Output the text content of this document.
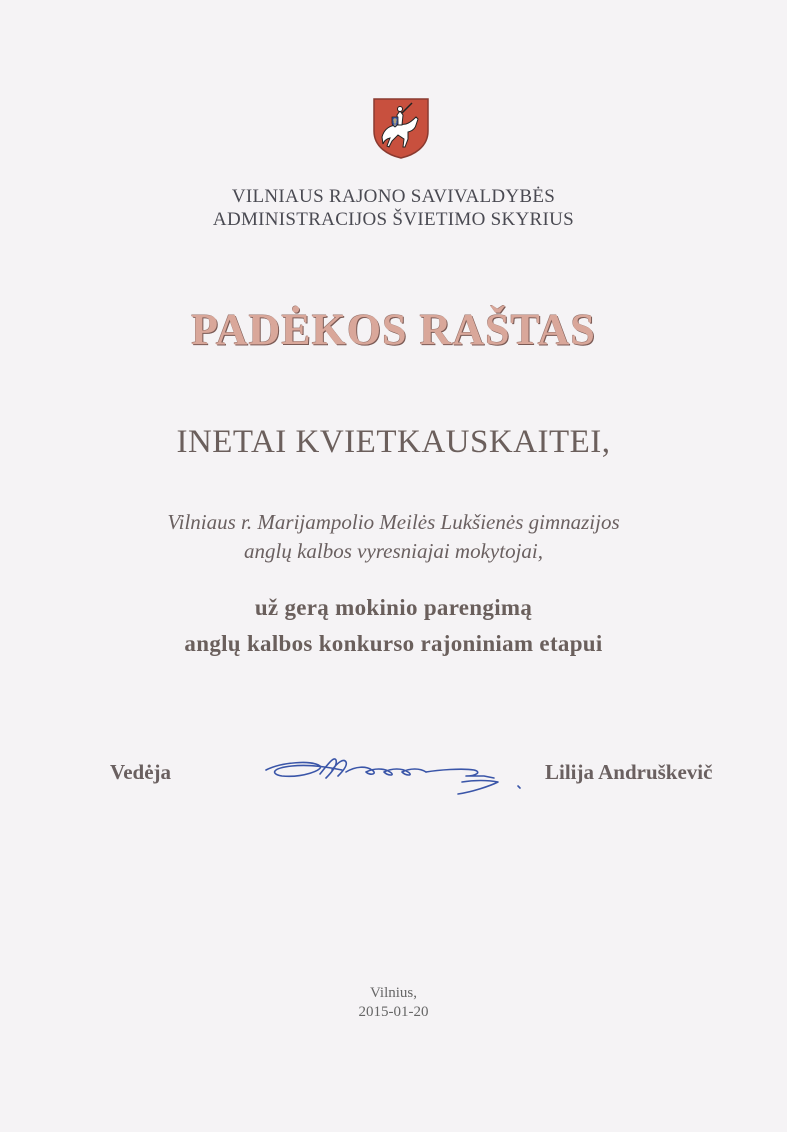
VILNIAUS RAJONO SAVIVALDYBĖS
ADMINISTRACIJOS ŠVIETIMO SKYRIUS
PADĖKOS RAŠTAS
INETAI KVIETKAUSKAITEI,
Vilniaus r. Marijampolio Meilės Lukšienės gimnazijos
anglų kalbos vyresniajai mokytojai,
už gerą mokinio parengimą
anglų kalbos konkurso rajoniniam etapui
Vedėja	Lilija Andruškevič
Vilnius,
2015-01-20
